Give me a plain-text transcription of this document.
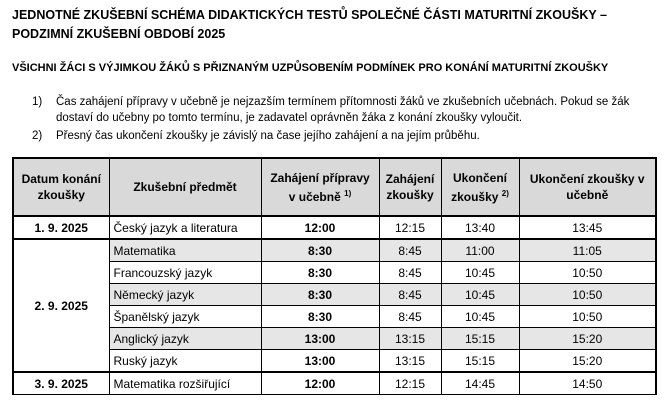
JEDNOTNÉ ZKUŠEBNÍ SCHÉMA DIDAKTICKÝCH TESTŮ SPOLEČNÉ ČÁSTI MATURITNÍ ZKOUŠKY – PODZIMNÍ ZKUŠEBNÍ OBDOBÍ 2025
VŠICHNI ŽÁCI S VÝJIMKOU ŽÁKŮ S PŘIZNANÝM UZPŮSOBENÍM PODMÍNEK PRO KONÁNÍ MATURITNÍ ZKOUŠKY
1) Čas zahájení přípravy v učebně je nejzazším termínem přítomnosti žáků ve zkušebních učebnách. Pokud se žák dostaví do učebny po tomto termínu, je zadavatel oprávněn žáka z konání zkoušky vyloučit.
2) Přesný čas ukončení zkoušky je závislý na čase jejího zahájení a na jejím průběhu.
Datum konání zkoušky	Zkušební předmět	Zahájení přípravy v učebně $^{1)}$	Zahájení zkoušky	Ukončení zkoušky $^{2)}$	Ukončení zkoušky v učebně
1. 9. 2025	Český jazyk a literatura	12:00	12:15	13:40	13:45
2. 9. 2025	Matematika	8:30	8:45	11:00	11:05
	Francouzský jazyk	8:30	8:45	10:45	10:50
	Německý jazyk	8:30	8:45	10:45	10:50
	Španělský jazyk	8:30	8:45	10:45	10:50
	Anglický jazyk	13:00	13:15	15:15	15:20
	Ruský jazyk	13:00	13:15	15:15	15:20
3. 9. 2025	Matematika rozšiřující	12:00	12:15	14:45	14:50
